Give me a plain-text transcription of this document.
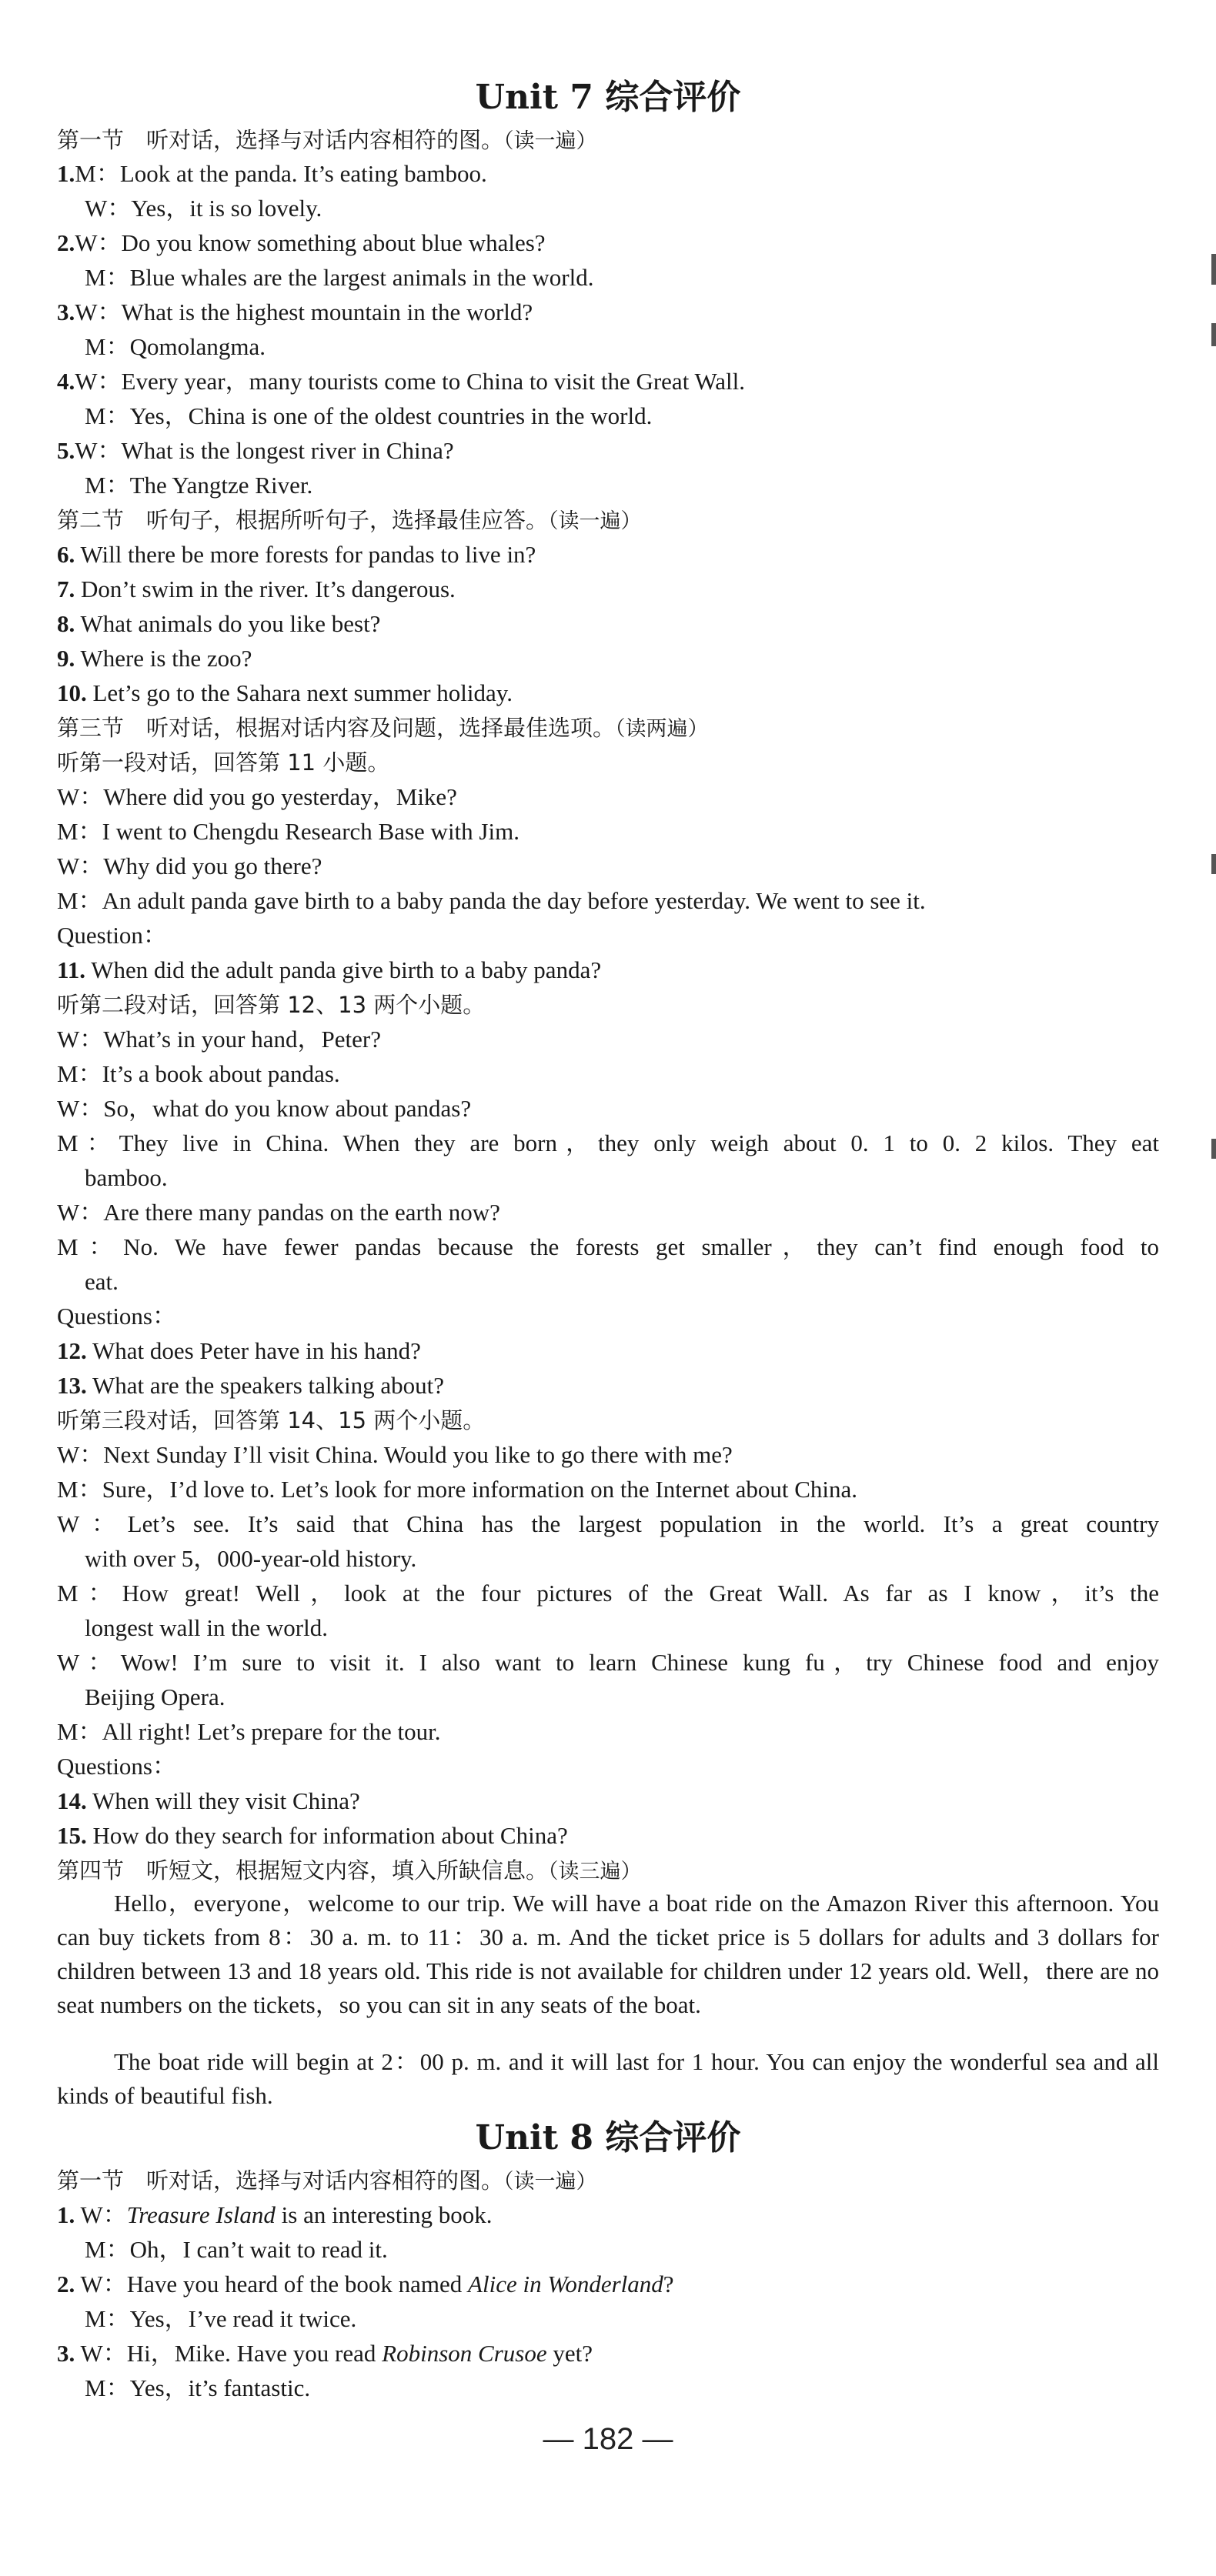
Unit 7 综合评价
第一节　听对话，选择与对话内容相符的图。（读一遍）
1.M：Look at the panda. It’s eating bamboo.
W：Yes，it is so lovely.
2.W：Do you know something about blue whales?
M：Blue whales are the largest animals in the world.
3.W：What is the highest mountain in the world?
M：Qomolangma.
4.W：Every year，many tourists come to China to visit the Great Wall.
M：Yes，China is one of the oldest countries in the world.
5.W：What is the longest river in China?
M：The Yangtze River.
第二节　听句子，根据所听句子，选择最佳应答。（读一遍）
6. Will there be more forests for pandas to live in?
7. Don’t swim in the river. It’s dangerous.
8. What animals do you like best?
9. Where is the zoo?
10. Let’s go to the Sahara next summer holiday.
第三节　听对话，根据对话内容及问题，选择最佳选项。（读两遍）
听第一段对话，回答第 11 小题。
W：Where did you go yesterday，Mike?
M：I went to Chengdu Research Base with Jim.
W：Why did you go there?
M：An adult panda gave birth to a baby panda the day before yesterday. We went to see it.
Question：
11. When did the adult panda give birth to a baby panda?
听第二段对话，回答第 12、13 两个小题。
W：What’s in your hand，Peter?
M：It’s a book about pandas.
W：So，what do you know about pandas?
M：They live in China. When they are born，they only weigh about 0. 1 to 0. 2 kilos. They eat
bamboo.
W：Are there many pandas on the earth now?
M：No. We have fewer pandas because the forests get smaller，they can’t find enough food to
eat.
Questions：
12. What does Peter have in his hand?
13. What are the speakers talking about?
听第三段对话，回答第 14、15 两个小题。
W：Next Sunday I’ll visit China. Would you like to go there with me?
M：Sure，I’d love to. Let’s look for more information on the Internet about China.
W：Let’s see. It’s said that China has the largest population in the world. It’s a great country
with over 5，000-year-old history.
M：How great! Well，look at the four pictures of the Great Wall. As far as I know，it’s the
longest wall in the world.
W：Wow! I’m sure to visit it. I also want to learn Chinese kung fu，try Chinese food and enjoy
Beijing Opera.
M：All right! Let’s prepare for the tour.
Questions：
14. When will they visit China?
15. How do they search for information about China?
第四节　听短文，根据短文内容，填入所缺信息。（读三遍）
Hello，everyone，welcome to our trip. We will have a boat ride on the Amazon River this afternoon. You can buy tickets from 8：30 a. m. to 11：30 a. m. And the ticket price is 5 dollars for adults and 3 dollars for children between 13 and 18 years old. This ride is not available for children under 12 years old. Well，there are no seat numbers on the tickets，so you can sit in any seats of the boat.
The boat ride will begin at 2：00 p. m. and it will last for 1 hour. You can enjoy the wonderful sea and all kinds of beautiful fish.
Unit 8 综合评价
第一节　听对话，选择与对话内容相符的图。（读一遍）
1. W：Treasure Island is an interesting book.
M：Oh，I can’t wait to read it.
2. W：Have you heard of the book named Alice in Wonderland?
M：Yes，I’ve read it twice.
3. W：Hi，Mike. Have you read Robinson Crusoe yet?
M：Yes，it’s fantastic.
— 182 —
